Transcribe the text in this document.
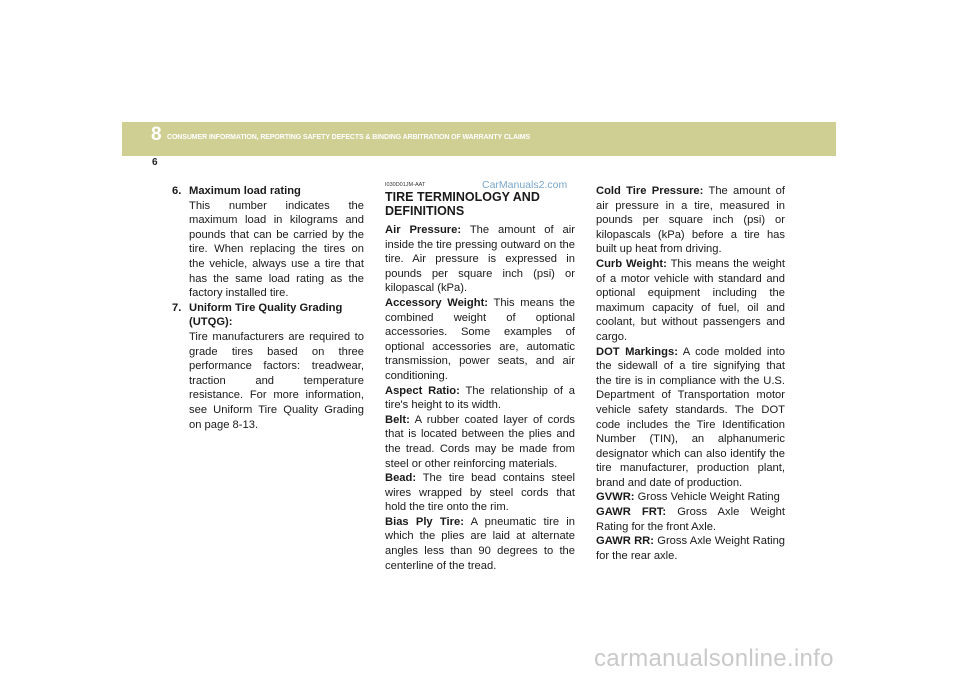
8 CONSUMER INFORMATION, REPORTING SAFETY DEFECTS & BINDING ARBITRATION OF WARRANTY CLAIMS
6
CarManuals2.com
6. Maximum load rating
This number indicates the maximum load in kilograms and pounds that can be carried by the tire. When replacing the tires on the vehicle, always use a tire that has the same load rating as the factory installed tire.
7. Uniform Tire Quality Grading (UTQG):
Tire manufacturers are required to grade tires based on three performance factors: treadwear, traction and temperature resistance. For more information, see Uniform Tire Quality Grading on page 8-13.
I030D01JM-AAT
TIRE TERMINOLOGY AND DEFINITIONS

Air Pressure: The amount of air inside the tire pressing outward on the tire. Air pressure is expressed in pounds per square inch (psi) or kilopascal (kPa).

Accessory Weight: This means the combined weight of optional accessories. Some examples of optional accessories are, automatic transmission, power seats, and air conditioning.

Aspect Ratio: The relationship of a tire's height to its width.

Belt: A rubber coated layer of cords that is located between the plies and the tread. Cords may be made from steel or other reinforcing materials.

Bead: The tire bead contains steel wires wrapped by steel cords that hold the tire onto the rim.

Bias Ply Tire: A pneumatic tire in which the plies are laid at alternate angles less than 90 degrees to the centerline of the tread.

Cold Tire Pressure: The amount of air pressure in a tire, measured in pounds per square inch (psi) or kilopascals (kPa) before a tire has built up heat from driving.

Curb Weight: This means the weight of a motor vehicle with standard and optional equipment including the maximum capacity of fuel, oil and coolant, but without passengers and cargo.

DOT Markings: A code molded into the sidewall of a tire signifying that the tire is in compliance with the U.S. Department of Transportation motor vehicle safety standards. The DOT code includes the Tire Identification Number (TIN), an alphanumeric designator which can also identify the tire manufacturer, production plant, brand and date of production.

GVWR: Gross Vehicle Weight Rating

GAWR FRT: Gross Axle Weight Rating for the front Axle.

GAWR RR: Gross Axle Weight Rating for the rear axle.

carmanualsonline.info
